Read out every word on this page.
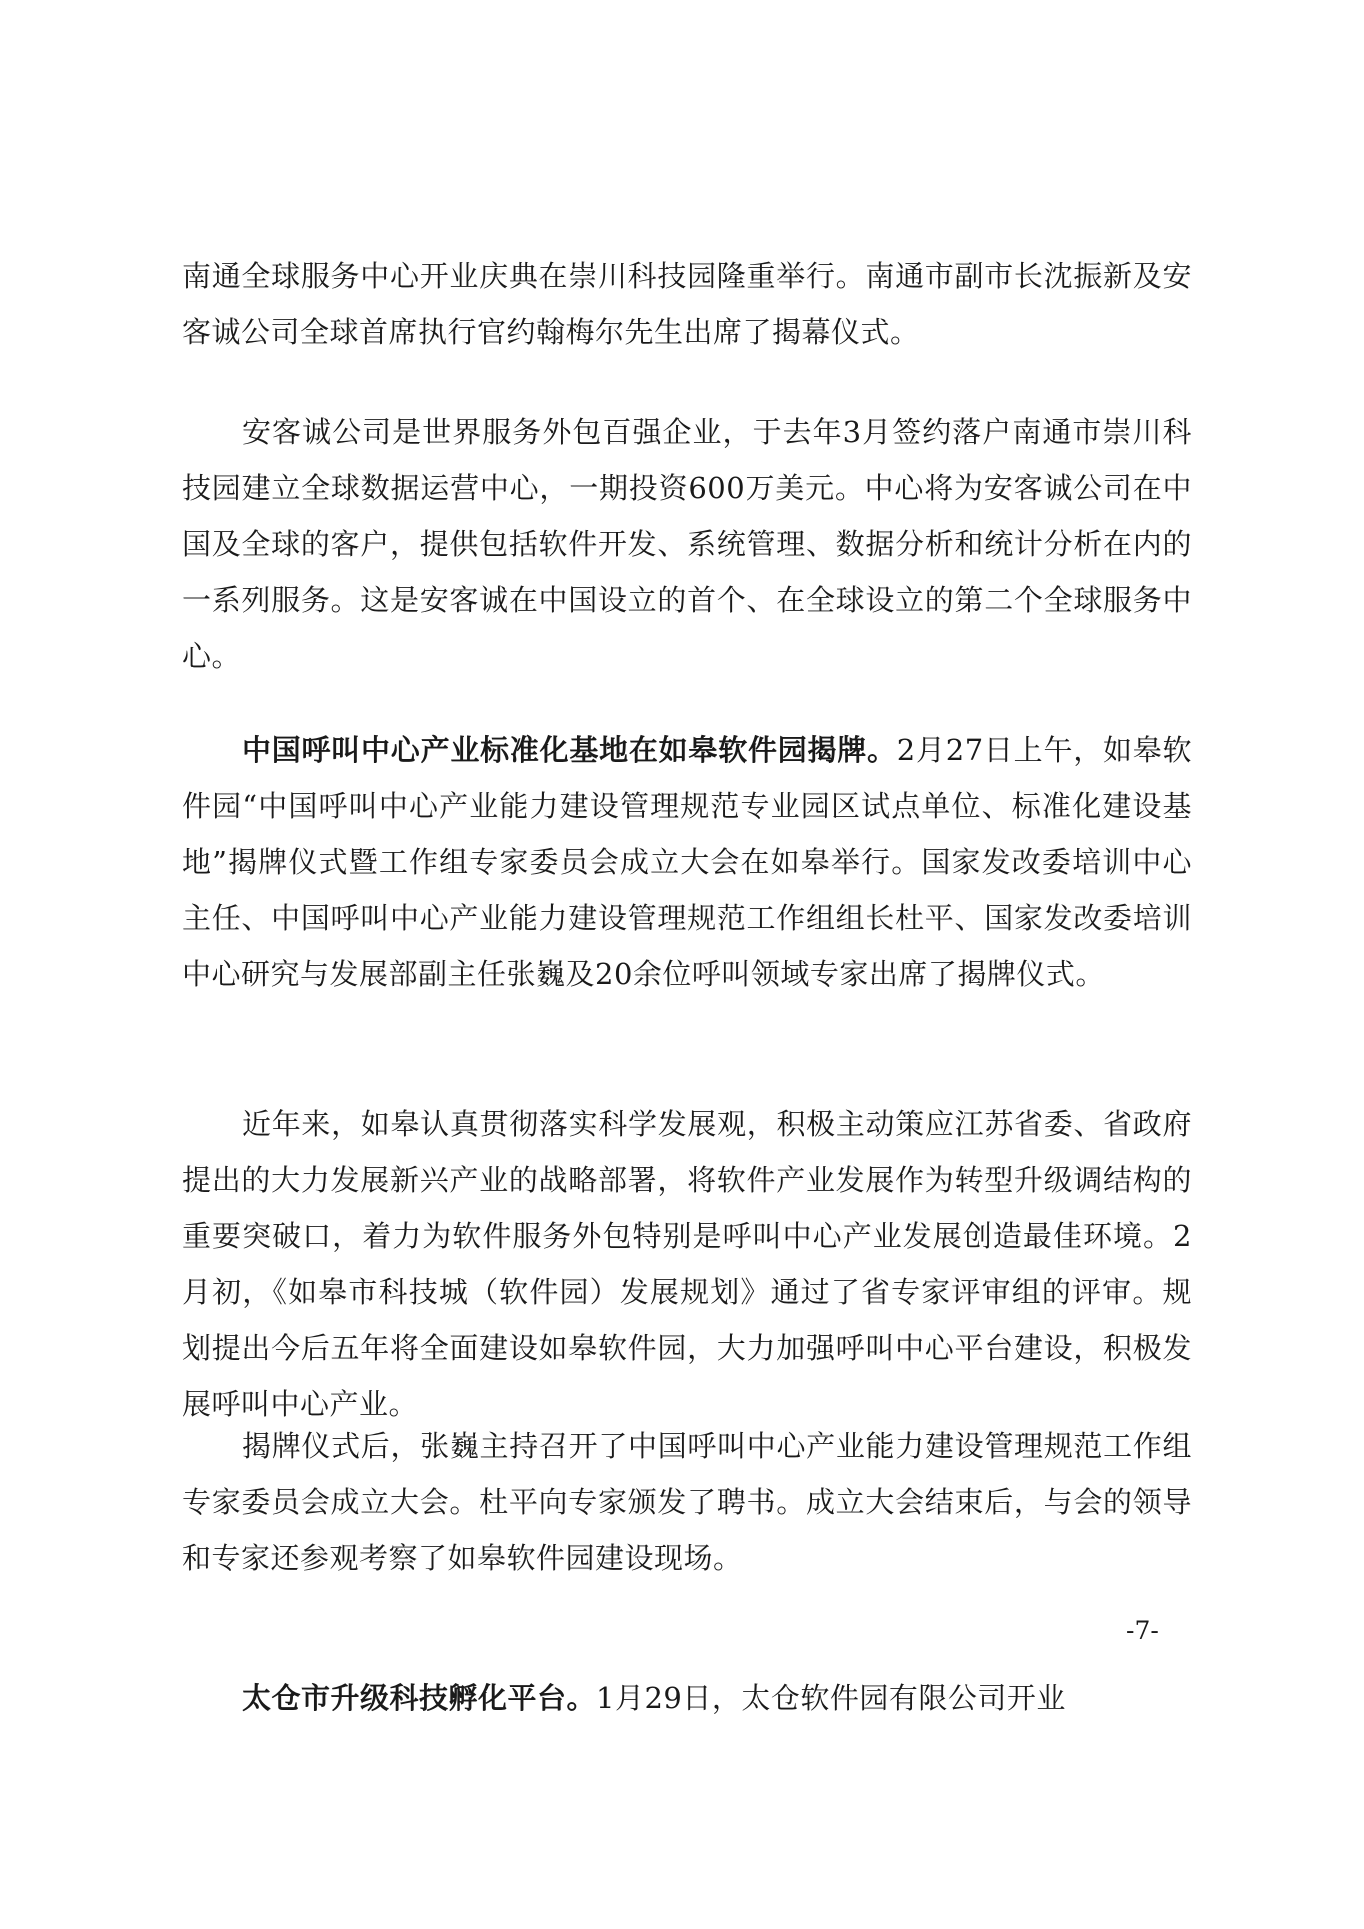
南通全球服务中心开业庆典在崇川科技园隆重举行。南通市副市长沈振新及安客诚公司全球首席执行官约翰梅尔先生出席了揭幕仪式。

安客诚公司是世界服务外包百强企业，于去年3月签约落户南通市崇川科技园建立全球数据运营中心，一期投资600万美元。中心将为安客诚公司在中国及全球的客户，提供包括软件开发、系统管理、数据分析和统计分析在内的一系列服务。这是安客诚在中国设立的首个、在全球设立的第二个全球服务中心。

中国呼叫中心产业标准化基地在如皋软件园揭牌。2月27日上午，如皋软件园“中国呼叫中心产业能力建设管理规范专业园区试点单位、标准化建设基地”揭牌仪式暨工作组专家委员会成立大会在如皋举行。国家发改委培训中心主任、中国呼叫中心产业能力建设管理规范工作组组长杜平、国家发改委培训中心研究与发展部副主任张巍及20余位呼叫领域专家出席了揭牌仪式。

近年来，如皋认真贯彻落实科学发展观，积极主动策应江苏省委、省政府提出的大力发展新兴产业的战略部署，将软件产业发展作为转型升级调结构的重要突破口，着力为软件服务外包特别是呼叫中心产业发展创造最佳环境。2月初，《如皋市科技城（软件园）发展规划》通过了省专家评审组的评审。规划提出今后五年将全面建设如皋软件园，大力加强呼叫中心平台建设，积极发展呼叫中心产业。

揭牌仪式后，张巍主持召开了中国呼叫中心产业能力建设管理规范工作组专家委员会成立大会。杜平向专家颁发了聘书。成立大会结束后，与会的领导和专家还参观考察了如皋软件园建设现场。

-7-

太仓市升级科技孵化平台。1月29日，太仓软件园有限公司开业
